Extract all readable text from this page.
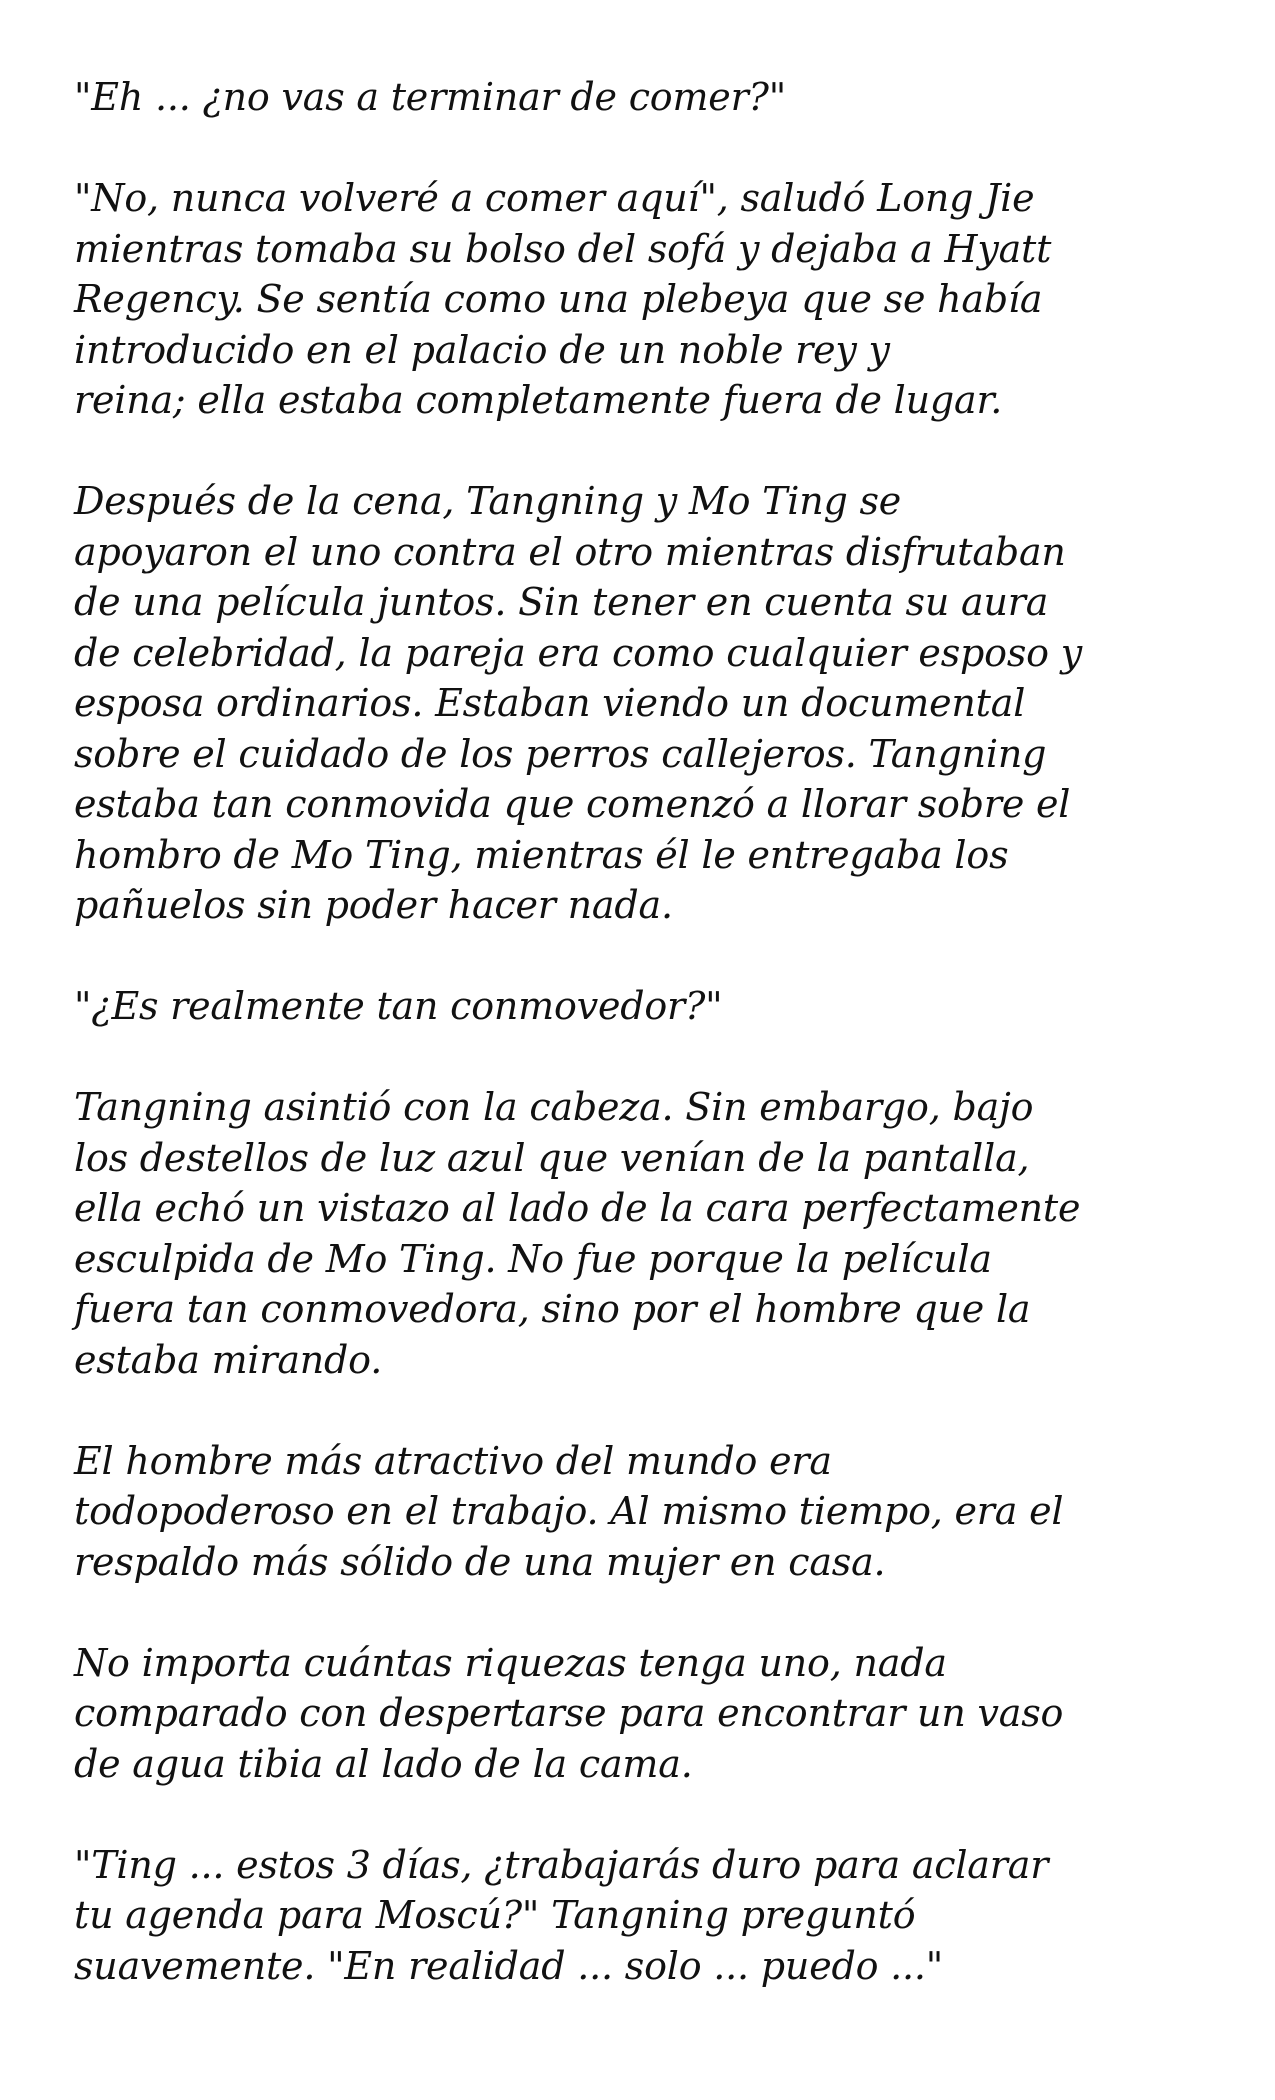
"Eh ... ¿no vas a terminar de comer?"

"No, nunca volveré a comer aquí", saludó Long Jie
mientras tomaba su bolso del sofá y dejaba a Hyatt
Regency. Se sentía como una plebeya que se había
introducido en el palacio de un noble rey y
reina; ella estaba completamente fuera de lugar.

Después de la cena, Tangning y Mo Ting se
apoyaron el uno contra el otro mientras disfrutaban
de una película juntos. Sin tener en cuenta su aura
de celebridad, la pareja era como cualquier esposo y
esposa ordinarios. Estaban viendo un documental
sobre el cuidado de los perros callejeros. Tangning
estaba tan conmovida que comenzó a llorar sobre el
hombro de Mo Ting, mientras él le entregaba los
pañuelos sin poder hacer nada.

"¿Es realmente tan conmovedor?"

Tangning asintió con la cabeza. Sin embargo, bajo
los destellos de luz azul que venían de la pantalla,
ella echó un vistazo al lado de la cara perfectamente
esculpida de Mo Ting. No fue porque la película
fuera tan conmovedora, sino por el hombre que la
estaba mirando.

El hombre más atractivo del mundo era
todopoderoso en el trabajo. Al mismo tiempo, era el
respaldo más sólido de una mujer en casa.

No importa cuántas riquezas tenga uno, nada
comparado con despertarse para encontrar un vaso
de agua tibia al lado de la cama.

"Ting ... estos 3 días, ¿trabajarás duro para aclarar
tu agenda para Moscú?" Tangning preguntó
suavemente. "En realidad ... solo ... puedo ..."
